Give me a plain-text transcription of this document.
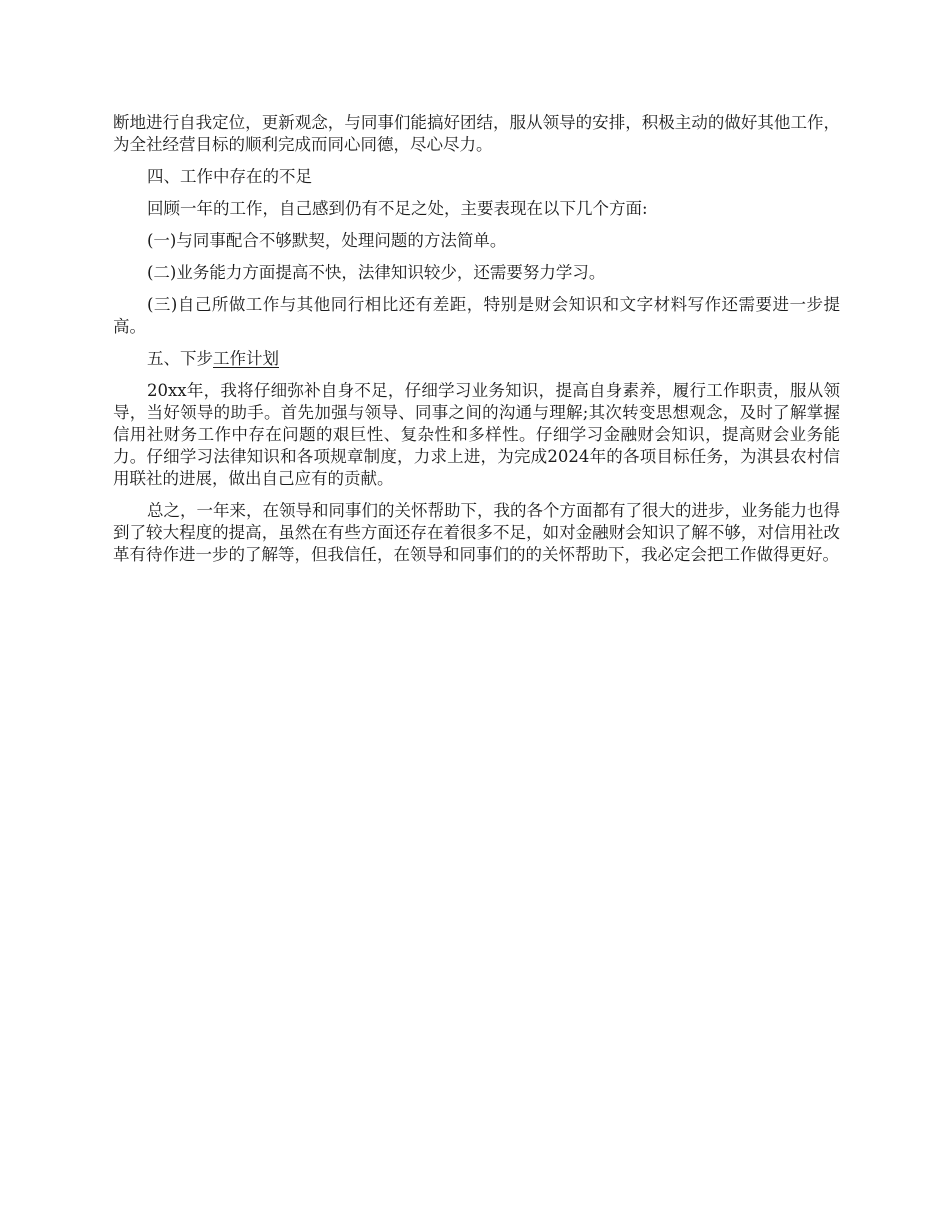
断地进行自我定位，更新观念，与同事们能搞好团结，服从领导的安排，积极主动的做好其他工作，为全社经营目标的顺利完成而同心同德，尽心尽力。

四、工作中存在的不足

回顾一年的工作，自己感到仍有不足之处，主要表现在以下几个方面:

(一)与同事配合不够默契，处理问题的方法简单。

(二)业务能力方面提高不快，法律知识较少，还需要努力学习。

(三)自己所做工作与其他同行相比还有差距，特别是财会知识和文字材料写作还需要进一步提高。

五、下步工作计划

20xx年，我将仔细弥补自身不足，仔细学习业务知识，提高自身素养，履行工作职责，服从领导，当好领导的助手。首先加强与领导、同事之间的沟通与理解;其次转变思想观念，及时了解掌握信用社财务工作中存在问题的艰巨性、复杂性和多样性。仔细学习金融财会知识，提高财会业务能力。仔细学习法律知识和各项规章制度，力求上进，为完成2024年的各项目标任务，为淇县农村信用联社的进展，做出自己应有的贡献。

总之，一年来，在领导和同事们的关怀帮助下，我的各个方面都有了很大的进步，业务能力也得到了较大程度的提高，虽然在有些方面还存在着很多不足，如对金融财会知识了解不够，对信用社改革有待作进一步的了解等，但我信任，在领导和同事们的的关怀帮助下，我必定会把工作做得更好。
